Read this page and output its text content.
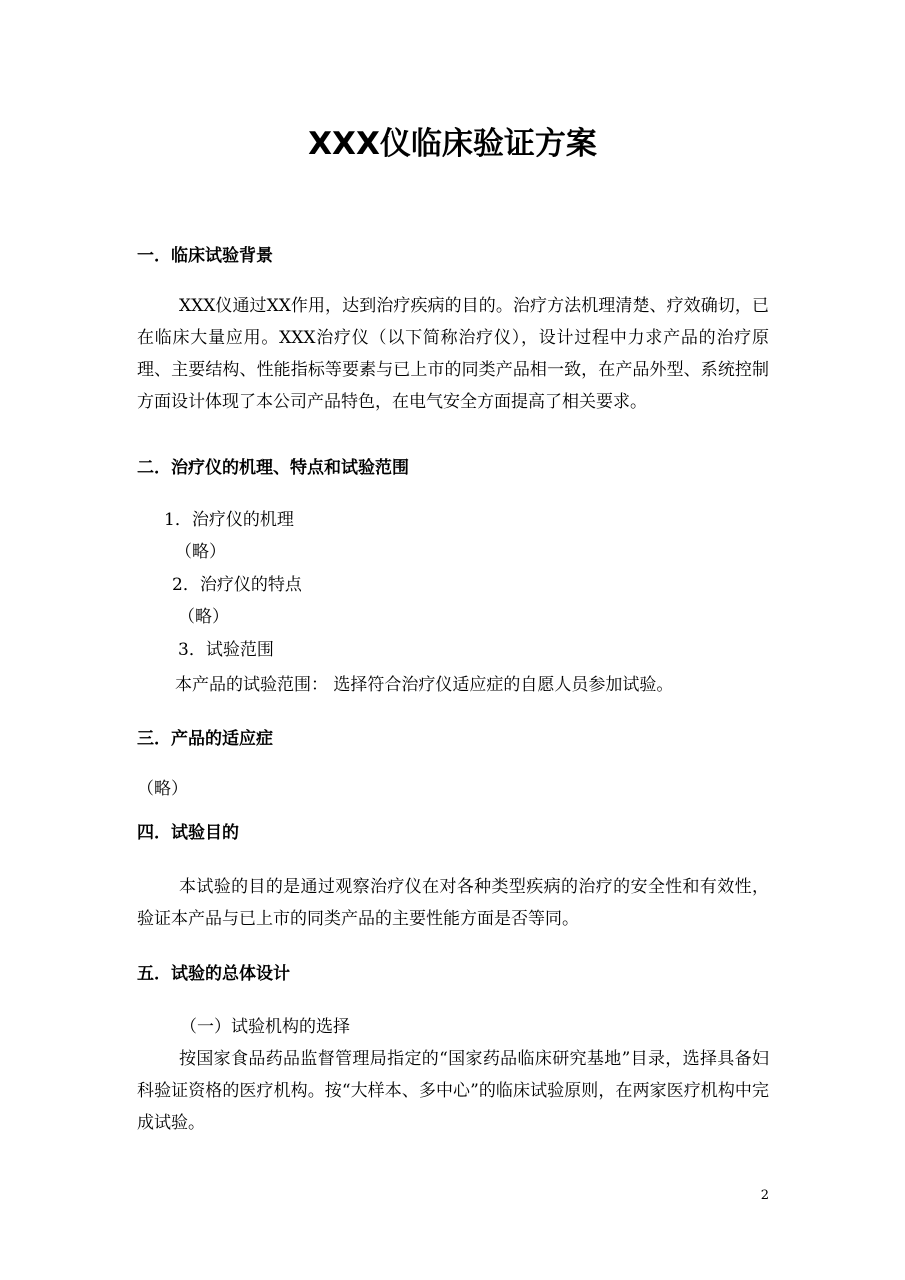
XXX仪临床验证方案
一．临床试验背景
XXX仪通过XX作用，达到治疗疾病的目的。治疗方法机理清楚、疗效确切，已在临床大量应用。XXX治疗仪（以下简称治疗仪），设计过程中力求产品的治疗原理、主要结构、性能指标等要素与已上市的同类产品相一致，在产品外型、系统控制方面设计体现了本公司产品特色，在电气安全方面提高了相关要求。
二．治疗仪的机理、特点和试验范围
1．治疗仪的机理
（略）
2．治疗仪的特点
（略）
3．试验范围
本产品的试验范围： 选择符合治疗仪适应症的自愿人员参加试验。
三．产品的适应症
（略）
四．试验目的
本试验的目的是通过观察治疗仪在对各种类型疾病的治疗的安全性和有效性，验证本产品与已上市的同类产品的主要性能方面是否等同。
五．试验的总体设计
（一）试验机构的选择
按国家食品药品监督管理局指定的“国家药品临床研究基地”目录，选择具备妇科验证资格的医疗机构。按“大样本、多中心”的临床试验原则，在两家医疗机构中完成试验。
2
